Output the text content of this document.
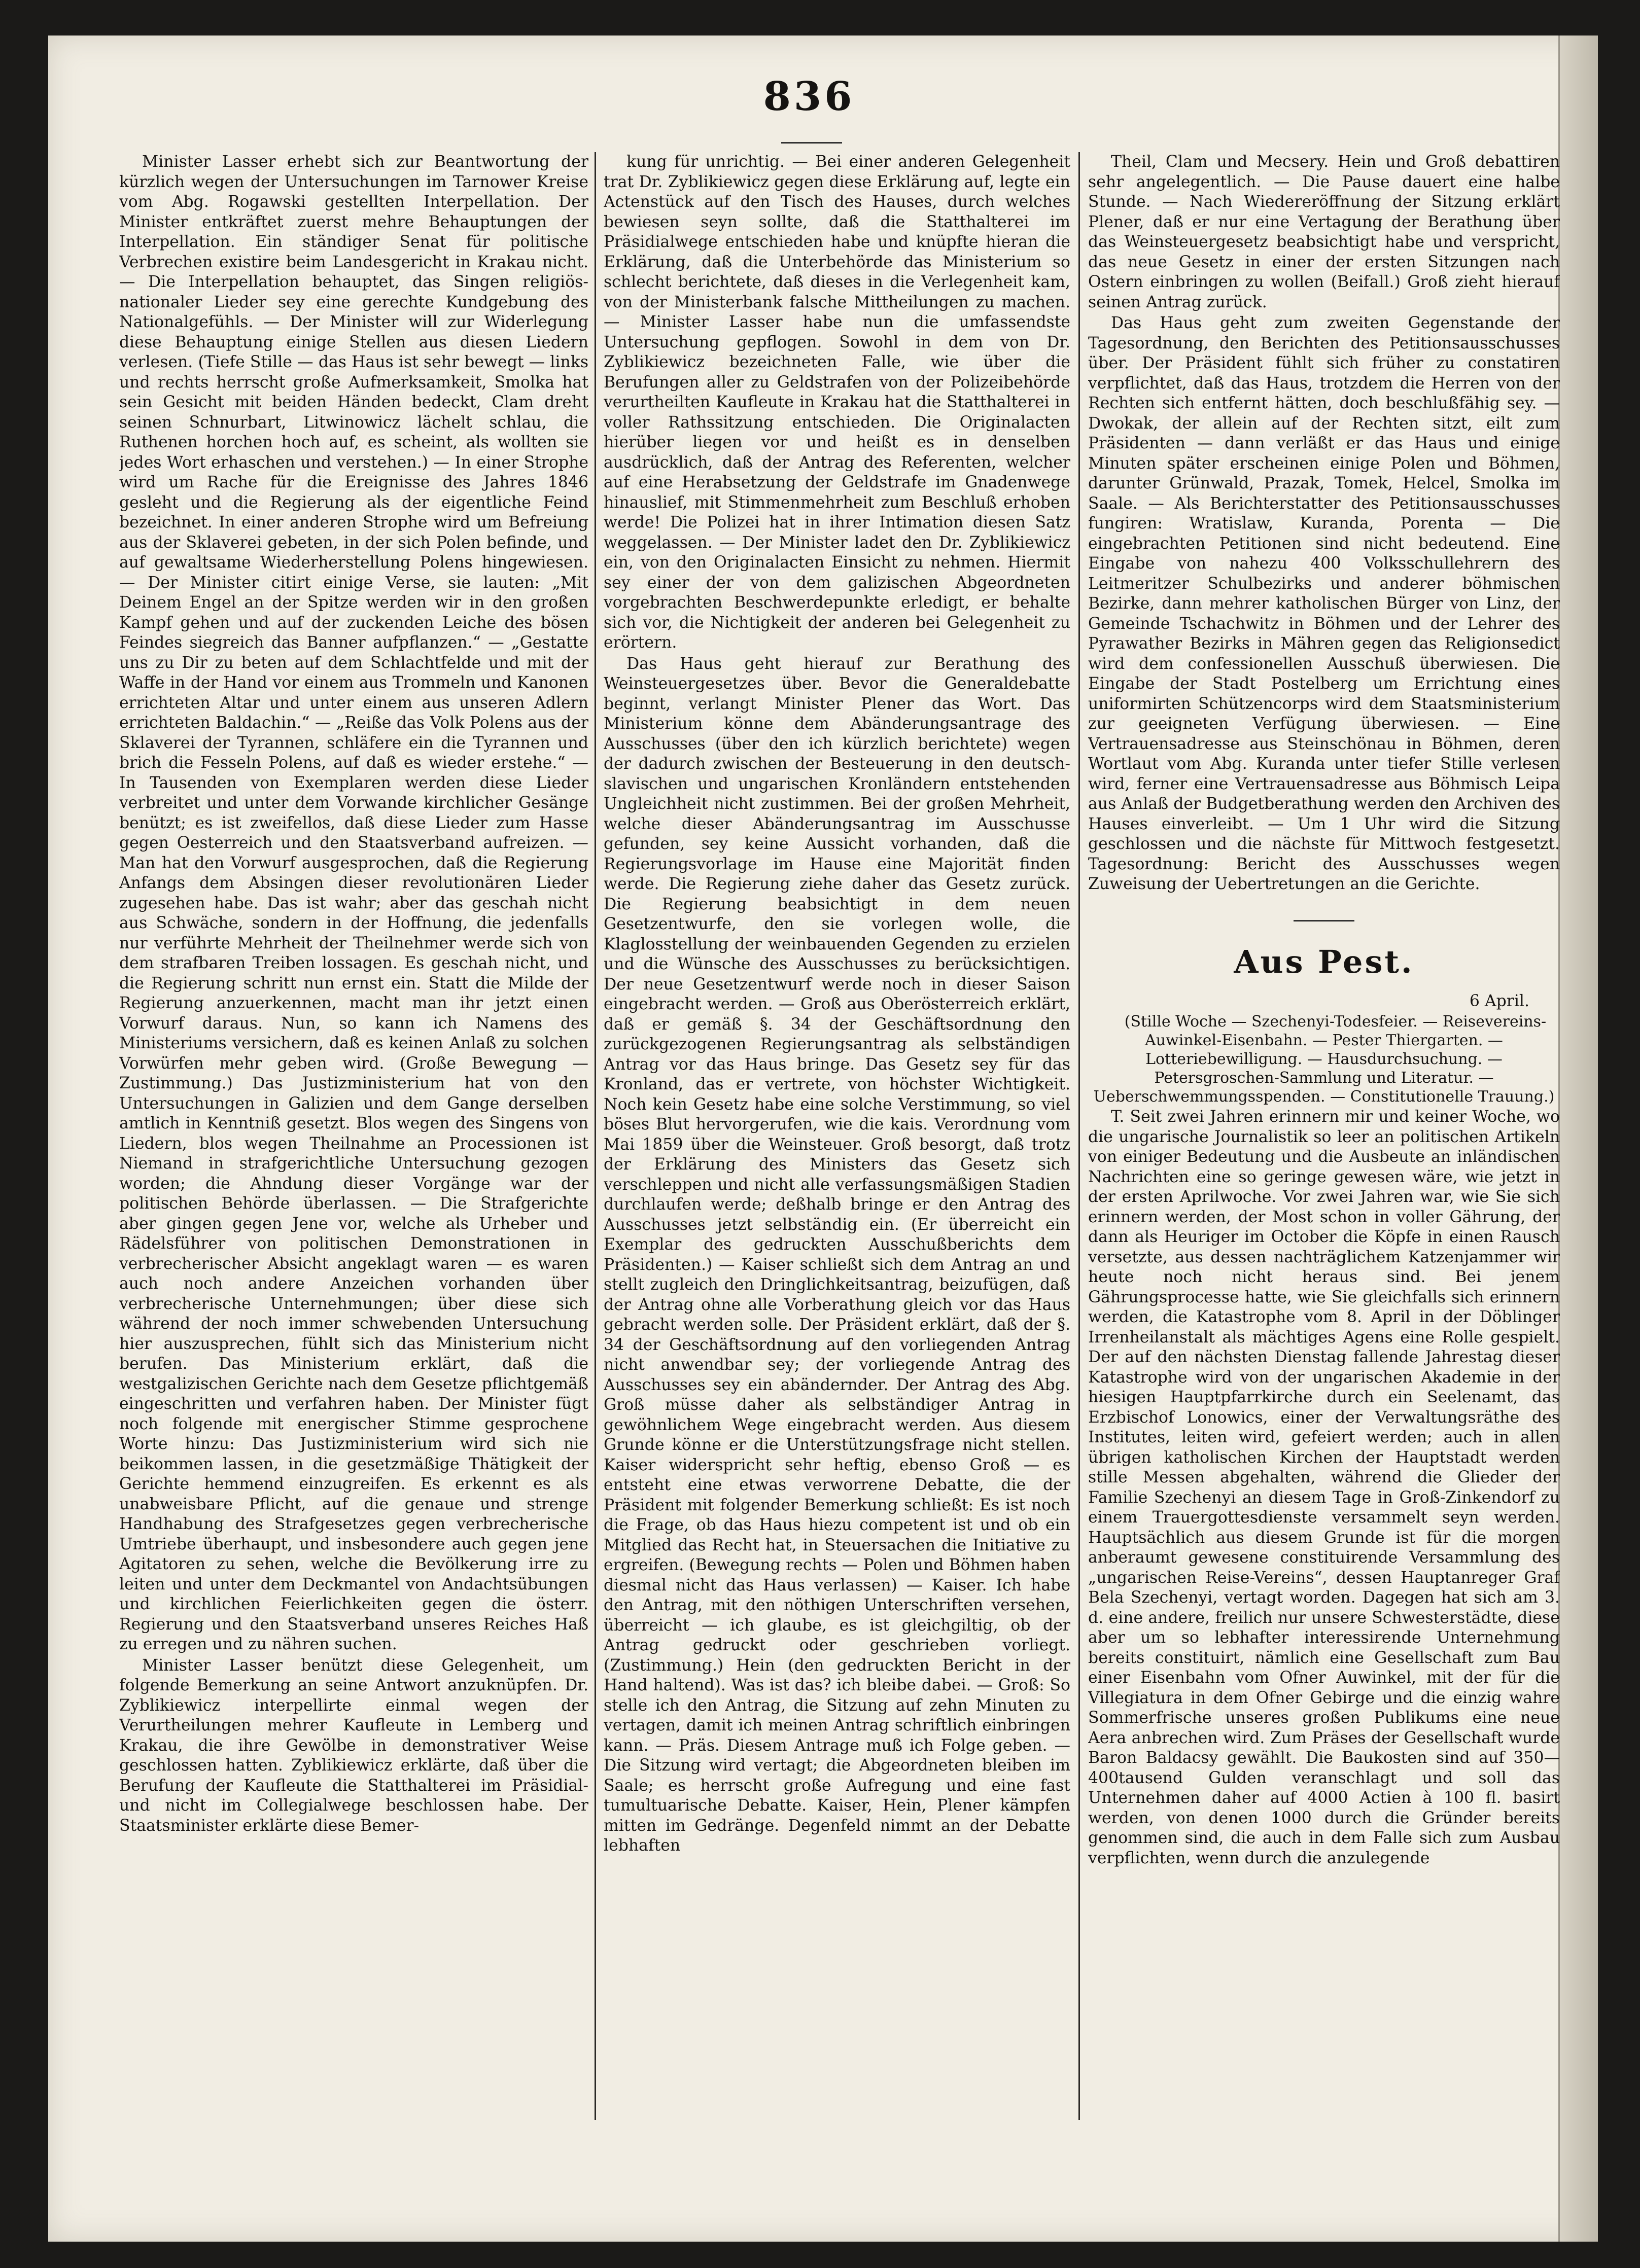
836

Minister Lasser erhebt sich zur Beantwortung der kürzlich wegen der Untersuchungen im Tarnower Kreise vom Abg. Rogawski gestellten Interpellation. Der Minister entkräftet zuerst mehre Behauptungen der Interpellation. Ein ständiger Senat für politische Verbrechen existire beim Landesgericht in Krakau nicht. — Die Interpellation behauptet, das Singen religiös-nationaler Lieder sey eine gerechte Kundgebung des Nationalgefühls. — Der Minister will zur Widerlegung diese Behauptung einige Stellen aus diesen Liedern verlesen. (Tiefe Stille — das Haus ist sehr bewegt — links und rechts herrscht große Aufmerksamkeit, Smolka hat sein Gesicht mit beiden Händen bedeckt, Clam dreht seinen Schnurbart, Litwinowicz lächelt schlau, die Ruthenen horchen hoch auf, es scheint, als wollten sie jedes Wort erhaschen und verstehen.) — In einer Strophe wird um Rache für die Ereignisse des Jahres 1846 gesleht und die Regierung als der eigentliche Feind bezeichnet. In einer anderen Strophe wird um Befreiung aus der Sklaverei gebeten, in der sich Polen befinde, und auf gewaltsame Wiederherstellung Polens hingewiesen. — Der Minister citirt einige Verse, sie lauten: „Mit Deinem Engel an der Spitze werden wir in den großen Kampf gehen und auf der zuckenden Leiche des bösen Feindes siegreich das Banner aufpflanzen.“ — „Gestatte uns zu Dir zu beten auf dem Schlachtfelde und mit der Waffe in der Hand vor einem aus Trommeln und Kanonen errichteten Altar und unter einem aus unseren Adlern errichteten Baldachin.“ — „Reiße das Volk Polens aus der Sklaverei der Tyrannen, schläfere ein die Tyrannen und brich die Fesseln Polens, auf daß es wieder erstehe.“ — In Tausenden von Exemplaren werden diese Lieder verbreitet und unter dem Vorwande kirchlicher Gesänge benützt; es ist zweifellos, daß diese Lieder zum Hasse gegen Oesterreich und den Staatsverband aufreizen. — Man hat den Vorwurf ausgesprochen, daß die Regierung Anfangs dem Absingen dieser revolutionären Lieder zugesehen habe. Das ist wahr; aber das geschah nicht aus Schwäche, sondern in der Hoffnung, die jedenfalls nur verführte Mehrheit der Theilnehmer werde sich von dem strafbaren Treiben lossagen. Es geschah nicht, und die Regierung schritt nun ernst ein. Statt die Milde der Regierung anzuerkennen, macht man ihr jetzt einen Vorwurf daraus. Nun, so kann ich Namens des Ministeriums versichern, daß es keinen Anlaß zu solchen Vorwürfen mehr geben wird. (Große Bewegung — Zustimmung.) Das Justizministerium hat von den Untersuchungen in Galizien und dem Gange derselben amtlich in Kenntniß gesetzt. Blos wegen des Singens von Liedern, blos wegen Theilnahme an Processionen ist Niemand in strafgerichtliche Untersuchung gezogen worden; die Ahndung dieser Vorgänge war der politischen Behörde überlassen. — Die Strafgerichte aber gingen gegen Jene vor, welche als Urheber und Rädelsführer von politischen Demonstrationen in verbrecherischer Absicht angeklagt waren — es waren auch noch andere Anzeichen vorhanden über verbrecherische Unternehmungen; über diese sich während der noch immer schwebenden Untersuchung hier auszusprechen, fühlt sich das Ministerium nicht berufen. Das Ministerium erklärt, daß die westgalizischen Gerichte nach dem Gesetze pflichtgemäß eingeschritten und verfahren haben. Der Minister fügt noch folgende mit energischer Stimme gesprochene Worte hinzu: Das Justizministerium wird sich nie beikommen lassen, in die gesetzmäßige Thätigkeit der Gerichte hemmend einzugreifen. Es erkennt es als unabweisbare Pflicht, auf die genaue und strenge Handhabung des Strafgesetzes gegen verbrecherische Umtriebe überhaupt, und insbesondere auch gegen jene Agitatoren zu sehen, welche die Bevölkerung irre zu leiten und unter dem Deckmantel von Andachtsübungen und kirchlichen Feierlichkeiten gegen die österr. Regierung und den Staatsverband unseres Reiches Haß zu erregen und zu nähren suchen.

Minister Lasser benützt diese Gelegenheit, um folgende Bemerkung an seine Antwort anzuknüpfen. Dr. Zyblikiewicz interpellirte einmal wegen der Verurtheilungen mehrer Kaufleute in Lemberg und Krakau, die ihre Gewölbe in demonstrativer Weise geschlossen hatten. Zyblikiewicz erklärte, daß über die Berufung der Kaufleute die Statthalterei im Präsidial- und nicht im Collegialwege beschlossen habe. Der Staatsminister erklärte diese Bemer-

kung für unrichtig. — Bei einer anderen Gelegenheit trat Dr. Zyblikiewicz gegen diese Erklärung auf, legte ein Actenstück auf den Tisch des Hauses, durch welches bewiesen seyn sollte, daß die Statthalterei im Präsidialwege entschieden habe und knüpfte hieran die Erklärung, daß die Unterbehörde das Ministerium so schlecht berichtete, daß dieses in die Verlegenheit kam, von der Ministerbank falsche Mittheilungen zu machen. — Minister Lasser habe nun die umfassendste Untersuchung gepflogen. Sowohl in dem von Dr. Zyblikiewicz bezeichneten Falle, wie über die Berufungen aller zu Geldstrafen von der Polizeibehörde verurtheilten Kaufleute in Krakau hat die Statthalterei in voller Rathssitzung entschieden. Die Originalacten hierüber liegen vor und heißt es in denselben ausdrücklich, daß der Antrag des Referenten, welcher auf eine Herabsetzung der Geldstrafe im Gnadenwege hinauslief, mit Stimmenmehrheit zum Beschluß erhoben werde! Die Polizei hat in ihrer Intimation diesen Satz weggelassen. — Der Minister ladet den Dr. Zyblikiewicz ein, von den Originalacten Einsicht zu nehmen. Hiermit sey einer der von dem galizischen Abgeordneten vorgebrachten Beschwerdepunkte erledigt, er behalte sich vor, die Nichtigkeit der anderen bei Gelegenheit zu erörtern.

Das Haus geht hierauf zur Berathung des Weinsteuergesetzes über. Bevor die Generaldebatte beginnt, verlangt Minister Plener das Wort. Das Ministerium könne dem Abänderungsantrage des Ausschusses (über den ich kürzlich berichtete) wegen der dadurch zwischen der Besteuerung in den deutsch-slavischen und ungarischen Kronländern entstehenden Ungleichheit nicht zustimmen. Bei der großen Mehrheit, welche dieser Abänderungsantrag im Ausschusse gefunden, sey keine Aussicht vorhanden, daß die Regierungsvorlage im Hause eine Majorität finden werde. Die Regierung ziehe daher das Gesetz zurück. Die Regierung beabsichtigt in dem neuen Gesetzentwurfe, den sie vorlegen wolle, die Klaglosstellung der weinbauenden Gegenden zu erzielen und die Wünsche des Ausschusses zu berücksichtigen. Der neue Gesetzentwurf werde noch in dieser Saison eingebracht werden. — Groß aus Oberösterreich erklärt, daß er gemäß §. 34 der Geschäftsordnung den zurückgezogenen Regierungsantrag als selbständigen Antrag vor das Haus bringe. Das Gesetz sey für das Kronland, das er vertrete, von höchster Wichtigkeit. Noch kein Gesetz habe eine solche Verstimmung, so viel böses Blut hervorgerufen, wie die kais. Verordnung vom Mai 1859 über die Weinsteuer. Groß besorgt, daß trotz der Erklärung des Ministers das Gesetz sich verschleppen und nicht alle verfassungsmäßigen Stadien durchlaufen werde; deßhalb bringe er den Antrag des Ausschusses jetzt selbständig ein. (Er überreicht ein Exemplar des gedruckten Ausschußberichts dem Präsidenten.) — Kaiser schließt sich dem Antrag an und stellt zugleich den Dringlichkeitsantrag, beizufügen, daß der Antrag ohne alle Vorberathung gleich vor das Haus gebracht werden solle. Der Präsident erklärt, daß der §. 34 der Geschäftsordnung auf den vorliegenden Antrag nicht anwendbar sey; der vorliegende Antrag des Ausschusses sey ein abändernder. Der Antrag des Abg. Groß müsse daher als selbständiger Antrag in gewöhnlichem Wege eingebracht werden. Aus diesem Grunde könne er die Unterstützungsfrage nicht stellen. Kaiser widerspricht sehr heftig, ebenso Groß — es entsteht eine etwas verworrene Debatte, die der Präsident mit folgender Bemerkung schließt: Es ist noch die Frage, ob das Haus hiezu competent ist und ob ein Mitglied das Recht hat, in Steuersachen die Initiative zu ergreifen. (Bewegung rechts — Polen und Böhmen haben diesmal nicht das Haus verlassen) — Kaiser. Ich habe den Antrag, mit den nöthigen Unterschriften versehen, überreicht — ich glaube, es ist gleichgiltig, ob der Antrag gedruckt oder geschrieben vorliegt. (Zustimmung.) Hein (den gedruckten Bericht in der Hand haltend). Was ist das? ich bleibe dabei. — Groß: So stelle ich den Antrag, die Sitzung auf zehn Minuten zu vertagen, damit ich meinen Antrag schriftlich einbringen kann. — Präs. Diesem Antrage muß ich Folge geben. — Die Sitzung wird vertagt; die Abgeordneten bleiben im Saale; es herrscht große Aufregung und eine fast tumultuarische Debatte. Kaiser, Hein, Plener kämpfen mitten im Gedränge. Degenfeld nimmt an der Debatte lebhaften

Theil, Clam und Mecsery. Hein und Groß debattiren sehr angelegentlich. — Die Pause dauert eine halbe Stunde. — Nach Wiedereröffnung der Sitzung erklärt Plener, daß er nur eine Vertagung der Berathung über das Weinsteuergesetz beabsichtigt habe und verspricht, das neue Gesetz in einer der ersten Sitzungen nach Ostern einbringen zu wollen (Beifall.) Groß zieht hierauf seinen Antrag zurück.

Das Haus geht zum zweiten Gegenstande der Tagesordnung, den Berichten des Petitionsausschusses über. Der Präsident fühlt sich früher zu constatiren verpflichtet, daß das Haus, trotzdem die Herren von der Rechten sich entfernt hätten, doch beschlußfähig sey. — Dwokak, der allein auf der Rechten sitzt, eilt zum Präsidenten — dann verläßt er das Haus und einige Minuten später erscheinen einige Polen und Böhmen, darunter Grünwald, Prazak, Tomek, Helcel, Smolka im Saale. — Als Berichterstatter des Petitionsausschusses fungiren: Wratislaw, Kuranda, Porenta — Die eingebrachten Petitionen sind nicht bedeutend. Eine Eingabe von nahezu 400 Volksschullehrern des Leitmeritzer Schulbezirks und anderer böhmischen Bezirke, dann mehrer katholischen Bürger von Linz, der Gemeinde Tschachwitz in Böhmen und der Lehrer des Pyrawather Bezirks in Mähren gegen das Religionsedict wird dem confessionellen Ausschuß überwiesen. Die Eingabe der Stadt Postelberg um Errichtung eines uniformirten Schützencorps wird dem Staatsministerium zur geeigneten Verfügung überwiesen. — Eine Vertrauensadresse aus Steinschönau in Böhmen, deren Wortlaut vom Abg. Kuranda unter tiefer Stille verlesen wird, ferner eine Vertrauensadresse aus Böhmisch Leipa aus Anlaß der Budgetberathung werden den Archiven des Hauses einverleibt. — Um 1 Uhr wird die Sitzung geschlossen und die nächste für Mittwoch festgesetzt. Tagesordnung: Bericht des Ausschusses wegen Zuweisung der Uebertretungen an die Gerichte.

Aus Pest.

6 April.

(Stille Woche — Szechenyi-Todesfeier. — Reisevereins-Auwinkel-Eisenbahn. — Pester Thiergarten. — Lotteriebewilligung. — Hausdurchsuchung. — Petersgroschen-Sammlung und Literatur. — Ueberschwemmungsspenden. — Constitutionelle Trauung.)

T. Seit zwei Jahren erinnern mir und keiner Woche, wo die ungarische Journalistik so leer an politischen Artikeln von einiger Bedeutung und die Ausbeute an inländischen Nachrichten eine so geringe gewesen wäre, wie jetzt in der ersten Aprilwoche. Vor zwei Jahren war, wie Sie sich erinnern werden, der Most schon in voller Gährung, der dann als Heuriger im October die Köpfe in einen Rausch versetzte, aus dessen nachträglichem Katzenjammer wir heute noch nicht heraus sind. Bei jenem Gährungsprocesse hatte, wie Sie gleichfalls sich erinnern werden, die Katastrophe vom 8. April in der Döblinger Irrenheilanstalt als mächtiges Agens eine Rolle gespielt. Der auf den nächsten Dienstag fallende Jahrestag dieser Katastrophe wird von der ungarischen Akademie in der hiesigen Hauptpfarrkirche durch ein Seelenamt, das Erzbischof Lonowics, einer der Verwaltungsräthe des Institutes, leiten wird, gefeiert werden; auch in allen übrigen katholischen Kirchen der Hauptstadt werden stille Messen abgehalten, während die Glieder der Familie Szechenyi an diesem Tage in Groß-Zinkendorf zu einem Trauergottesdienste versammelt seyn werden. Hauptsächlich aus diesem Grunde ist für die morgen anberaumt gewesene constituirende Versammlung des „ungarischen Reise-Vereins“, dessen Hauptanreger Graf Bela Szechenyi, vertagt worden. Dagegen hat sich am 3. d. eine andere, freilich nur unsere Schwesterstädte, diese aber um so lebhafter interessirende Unternehmung bereits constituirt, nämlich eine Gesellschaft zum Bau einer Eisenbahn vom Ofner Auwinkel, mit der für die Villegiatura in dem Ofner Gebirge und die einzig wahre Sommerfrische unseres großen Publikums eine neue Aera anbrechen wird. Zum Präses der Gesellschaft wurde Baron Baldacsy gewählt. Die Baukosten sind auf 350—400tausend Gulden veranschlagt und soll das Unternehmen daher auf 4000 Actien à 100 fl. basirt werden, von denen 1000 durch die Gründer bereits genommen sind, die auch in dem Falle sich zum Ausbau verpflichten, wenn durch die anzulegende
